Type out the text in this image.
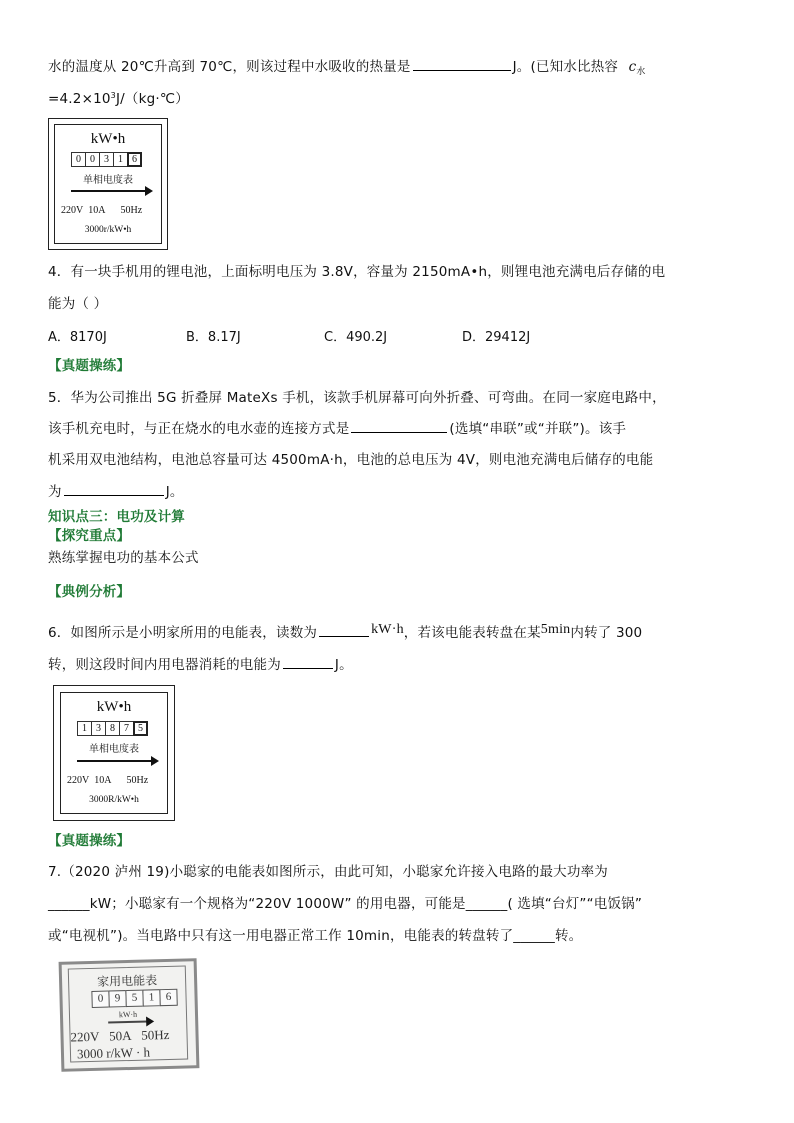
水的温度从 20℃升高到 70℃，则该过程中水吸收的热量是	J。(已知水比热容 $c_水$
$=4.2\times 10^3J/(kg\cdot℃)$
kW•h
0 0 3 1 6
单相电度表
220V 10A 50Hz
3000r/kW•h
4．有一块手机用的锂电池，上面标明电压为 3.8V，容量为 2150mA•h，则锂电池充满电后存储的电
能为（ ）
A．8170J	B．8.17J	C．490.2J	D．29412J
【真题操练】
5．华为公司推出 5G 折叠屏 MateXs 手机，该款手机屏幕可向外折叠、可弯曲。在同一家庭电路中，
该手机充电时，与正在烧水的电水壶的连接方式是	(选填“串联”或“并联”)。该手
机采用双电池结构，电池总容量可达 4500mA·h，电池的总电压为 4V，则电池充满电后储存的电能
为	J。
知识点三：电功及计算
【探究重点】
熟练掌握电功的基本公式
【典例分析】
6．如图所示是小明家所用的电能表，读数为	kW·h，若该电能表转盘在某5min内转了 300
转，则这段时间内用电器消耗的电能为	J。
kW•h
1 3 8 7 5
单相电度表
220V 10A 50Hz
3000R/kW•h
【真题操练】
7.（2020 泸州 19)小聪家的电能表如图所示，由此可知，小聪家允许接入电路的最大功率为
______kW；小聪家有一个规格为“220V 1000W” 的用电器，可能是______( 选填“台灯”“电饭锅”
或“电视机”)。当电路中只有这一用电器正常工作 10min，电能表的转盘转了______转。
家用电能表
0	9	5	1	6
kW·h
220V 50A 50Hz
3000 r/kW · h
